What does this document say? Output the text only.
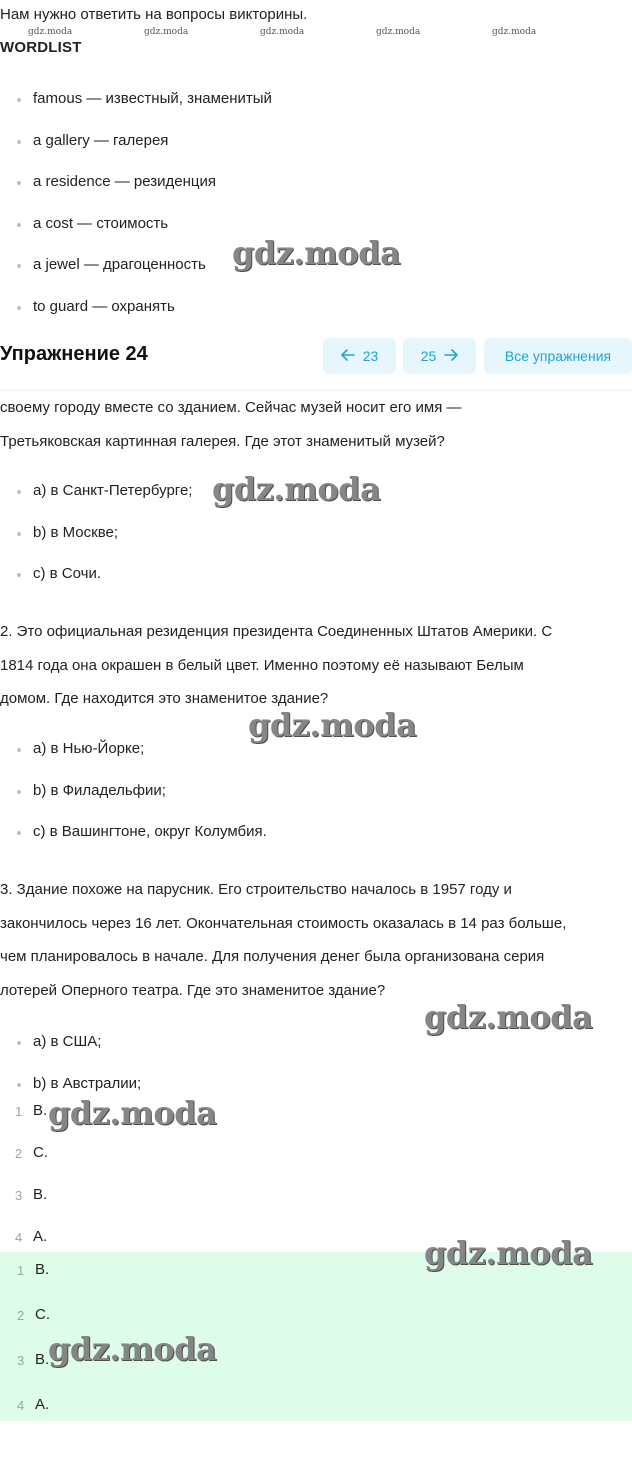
Нам нужно ответить на вопросы викторины.
gdz.moda	gdz.moda	gdz.moda	gdz.moda	gdz.moda
WORDLIST
famous — известный, знаменитый
a gallery — галерея
a residence — резиденция
a cost — стоимость
a jewel — драгоценность
to guard — охранять
Упражнение 24	23	25	Все упражнения
своему городу вместе со зданием. Сейчас музей носит его имя —
Третьяковская картинная галерея. Где этот знаменитый музей?
a) в Санкт-Петербурге;
b) в Москве;
c) в Сочи.
2. Это официальная резиденция президента Соединенных Штатов Америки. С
1814 года она окрашен в белый цвет. Именно поэтому её называют Белым
домом. Где находится это знаменитое здание?
a) в Нью-Йорке;
b) в Филадельфии;
c) в Вашингтоне, округ Колумбия.
3. Здание похоже на парусник. Его строительство началось в 1957 году и
закончилось через 16 лет. Окончательная стоимость оказалась в 14 раз больше,
чем планировалось в начале. Для получения денег была организована серия
лотерей Оперного театра. Где это знаменитое здание?
a) в США;
b) в Австралии;
1 B.
2 C.
3 B.
4 A.
1 B.
2 C.
3 B.
4 A.
gdz.moda
gdz.moda
gdz.moda
gdz.moda
gdz.moda
gdz.moda
gdz.moda
